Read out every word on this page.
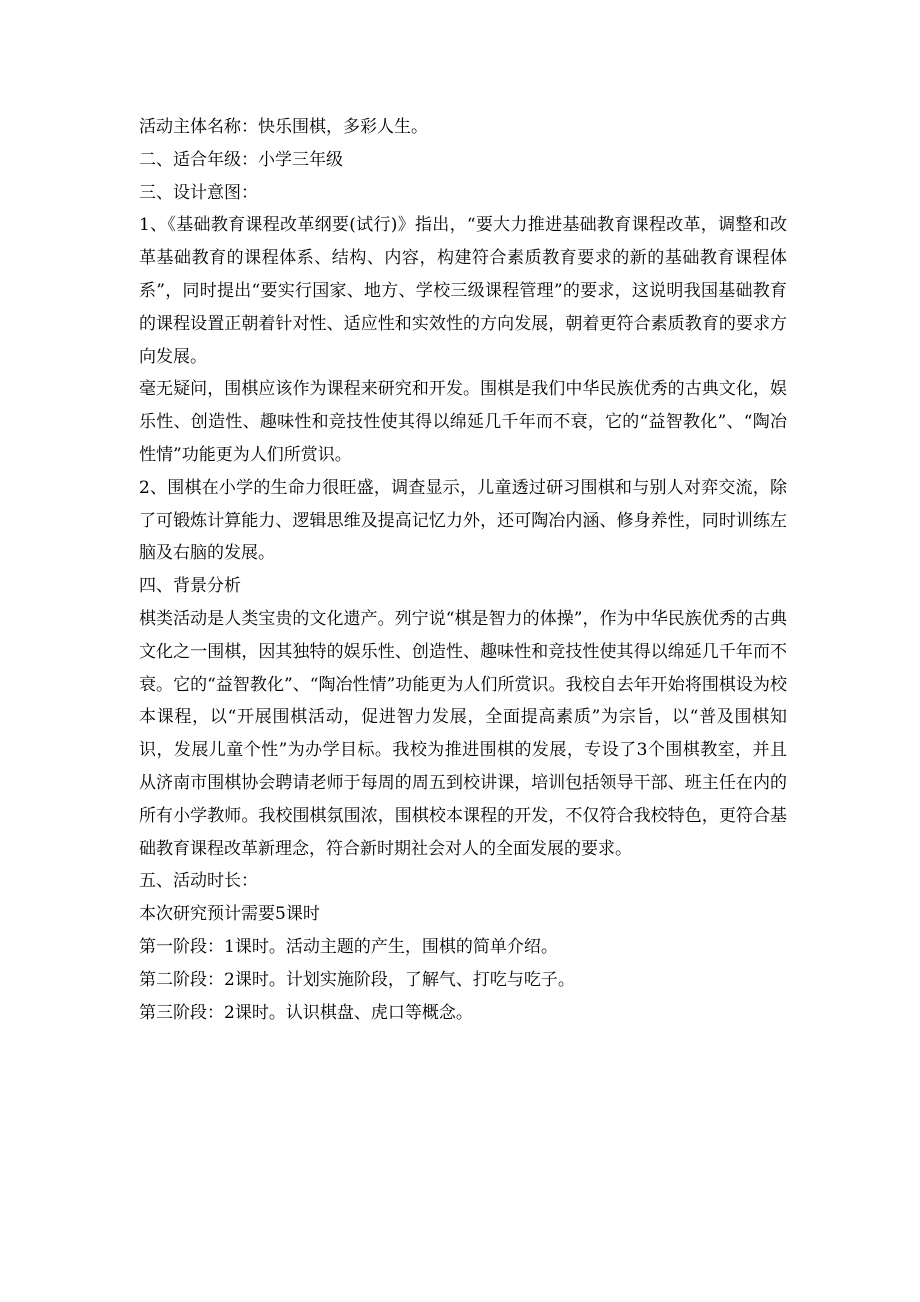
活动主体名称：快乐围棋，多彩人生。

二、适合年级：小学三年级

三、设计意图：

1、《基础教育课程改革纲要(试行)》指出，“要大力推进基础教育课程改革，调整和改革基础教育的课程体系、结构、内容，构建符合素质教育要求的新的基础教育课程体系”，同时提出“要实行国家、地方、学校三级课程管理”的要求，这说明我国基础教育的课程设置正朝着针对性、适应性和实效性的方向发展，朝着更符合素质教育的要求方向发展。

毫无疑问，围棋应该作为课程来研究和开发。围棋是我们中华民族优秀的古典文化，娱乐性、创造性、趣味性和竞技性使其得以绵延几千年而不衰，它的“益智教化”、“陶冶性情”功能更为人们所赏识。

2、围棋在小学的生命力很旺盛，调查显示，儿童透过研习围棋和与别人对弈交流，除了可锻炼计算能力、逻辑思维及提高记忆力外，还可陶冶内涵、修身养性，同时训练左脑及右脑的发展。

四、背景分析

棋类活动是人类宝贵的文化遗产。列宁说“棋是智力的体操”，作为中华民族优秀的古典文化之一围棋，因其独特的娱乐性、创造性、趣味性和竞技性使其得以绵延几千年而不衰。它的“益智教化”、“陶冶性情”功能更为人们所赏识。我校自去年开始将围棋设为校本课程，以“开展围棋活动，促进智力发展，全面提高素质”为宗旨，以“普及围棋知识，发展儿童个性”为办学目标。我校为推进围棋的发展，专设了3个围棋教室，并且从济南市围棋协会聘请老师于每周的周五到校讲课，培训包括领导干部、班主任在内的所有小学教师。我校围棋氛围浓，围棋校本课程的开发，不仅符合我校特色，更符合基础教育课程改革新理念，符合新时期社会对人的全面发展的要求。

五、活动时长：

本次研究预计需要5课时

第一阶段：1课时。活动主题的产生，围棋的简单介绍。

第二阶段：2课时。计划实施阶段，了解气、打吃与吃子。

第三阶段：2课时。认识棋盘、虎口等概念。
